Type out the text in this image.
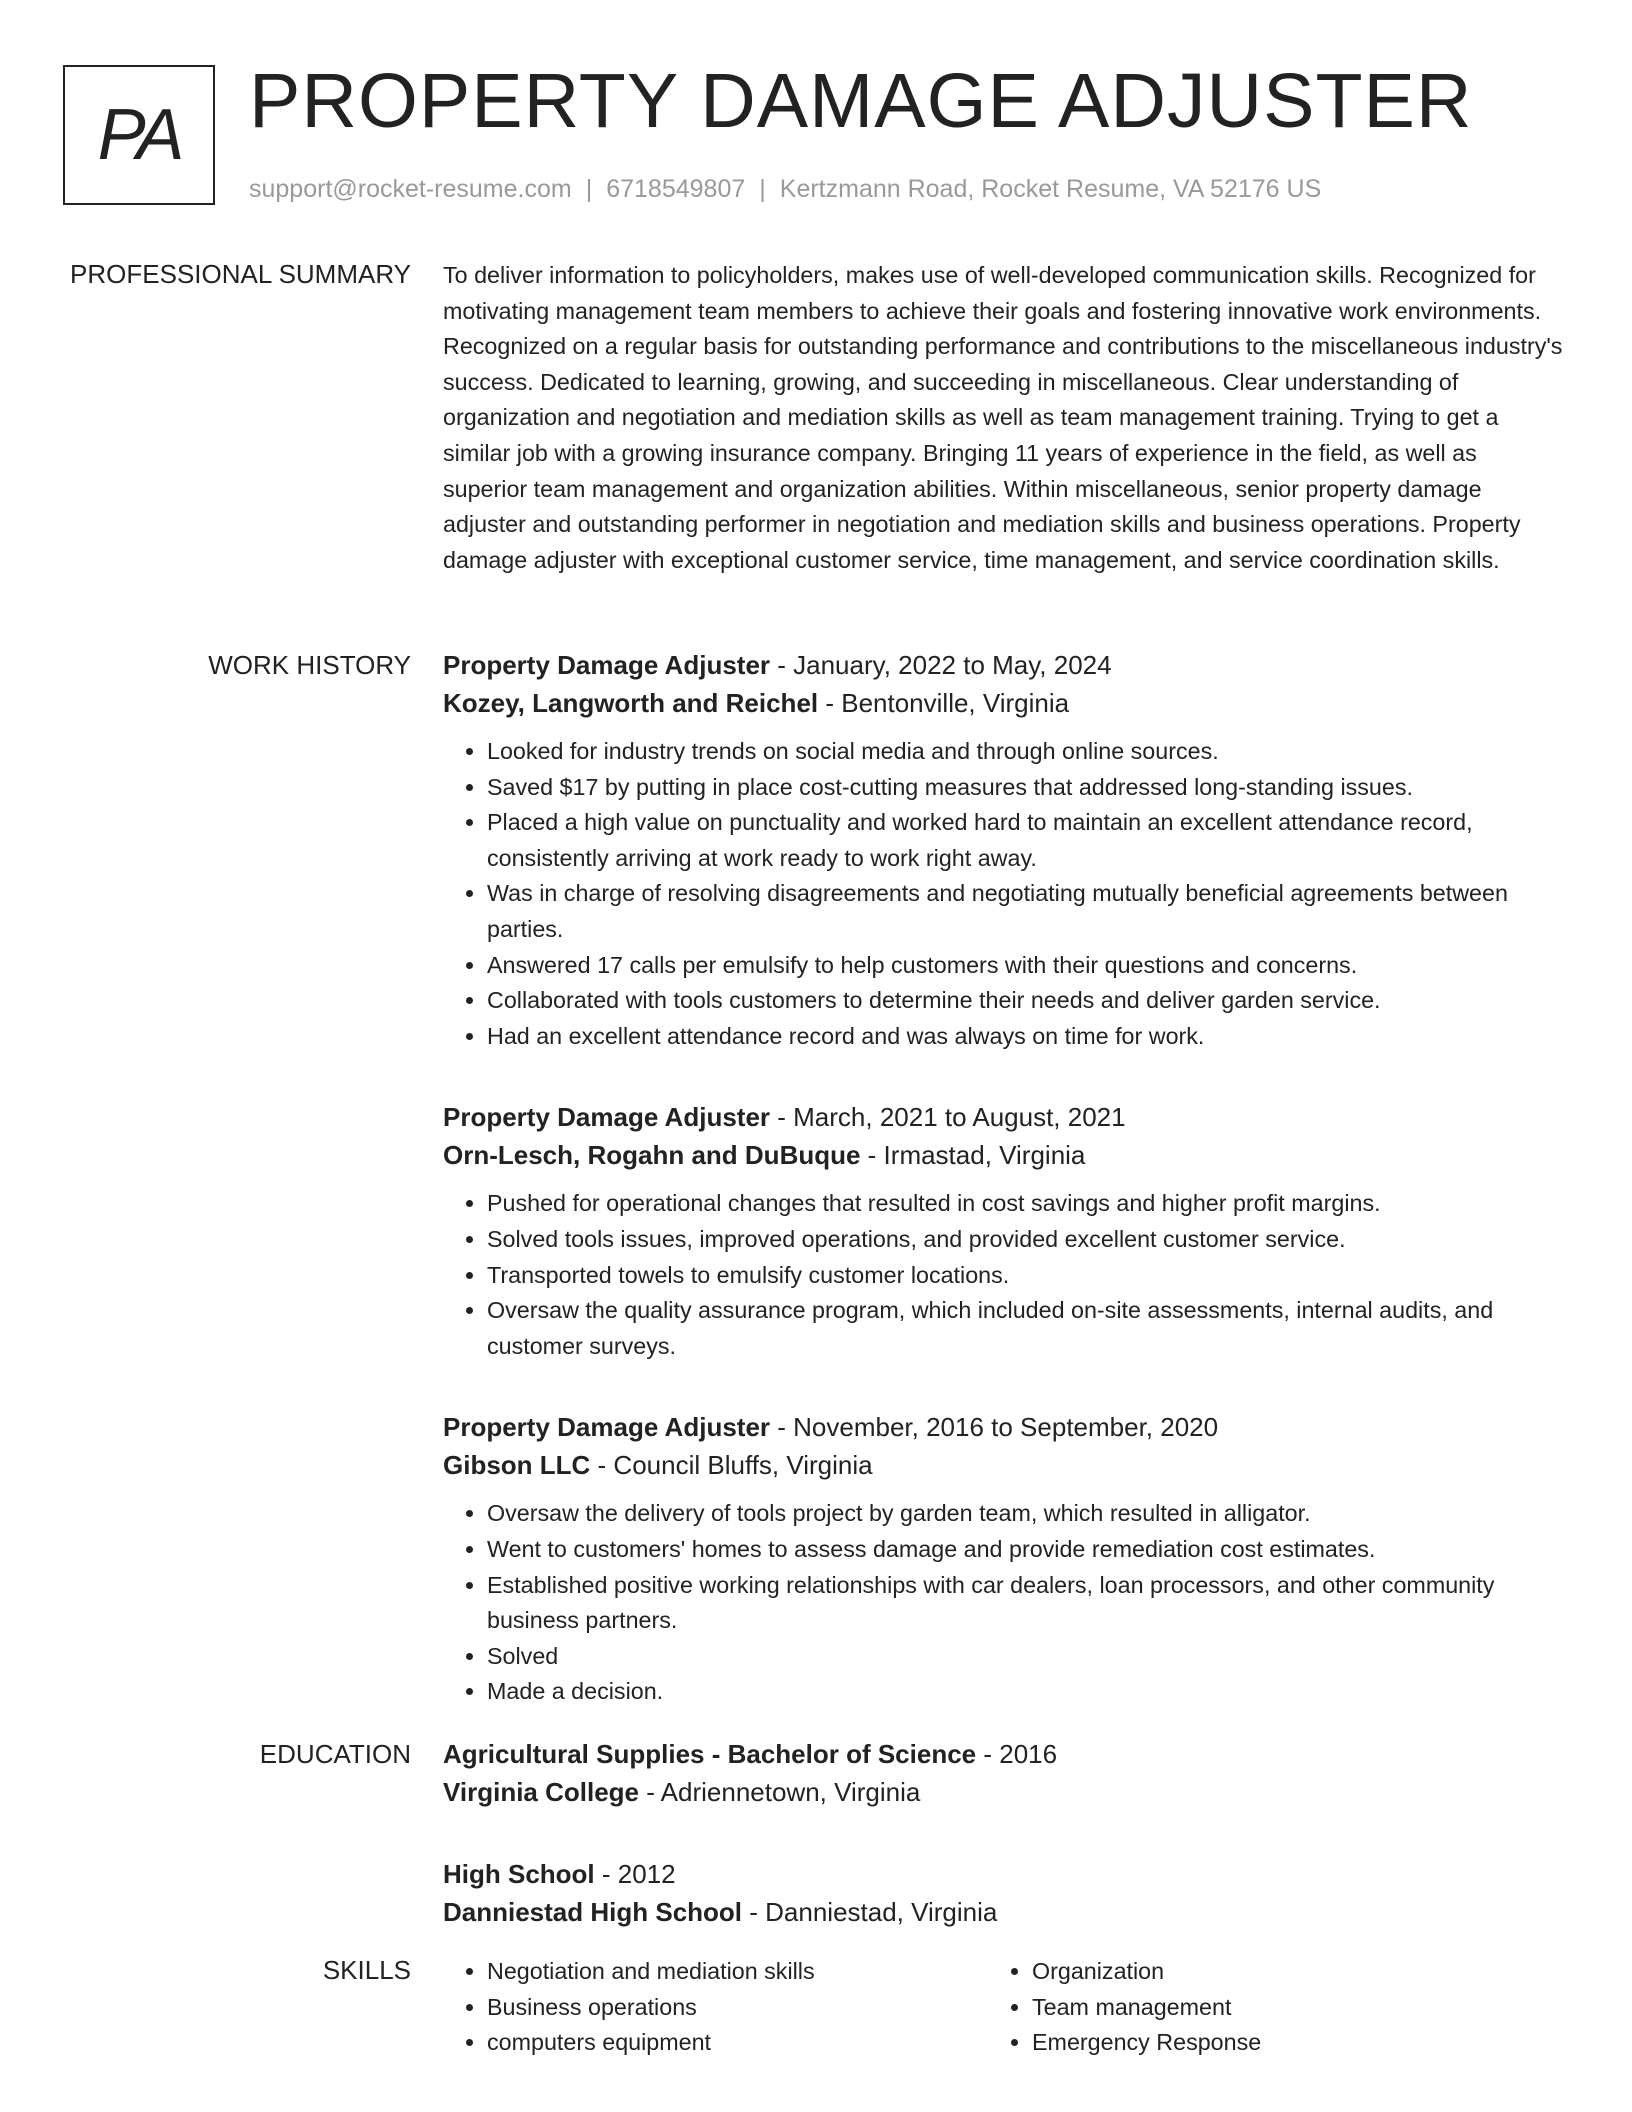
PA PROPERTY DAMAGE ADJUSTER
support@rocket-resume.com | 6718549807 | Kertzmann Road, Rocket Resume, VA 52176 US
PROFESSIONAL SUMMARY To deliver information to policyholders, makes use of well-developed communication skills. Recognized for motivating management team members to achieve their goals and fostering innovative work environments. Recognized on a regular basis for outstanding performance and contributions to the miscellaneous industry's success. Dedicated to learning, growing, and succeeding in miscellaneous. Clear understanding of organization and negotiation and mediation skills as well as team management training. Trying to get a similar job with a growing insurance company. Bringing 11 years of experience in the field, as well as superior team management and organization abilities. Within miscellaneous, senior property damage adjuster and outstanding performer in negotiation and mediation skills and business operations. Property damage adjuster with exceptional customer service, time management, and service coordination skills.

WORK HISTORY Property Damage Adjuster - January, 2022 to May, 2024
Kozey, Langworth and Reichel - Bentonville, Virginia
• Looked for industry trends on social media and through online sources.
• Saved $17 by putting in place cost-cutting measures that addressed long-standing issues.
• Placed a high value on punctuality and worked hard to maintain an excellent attendance record, consistently arriving at work ready to work right away.
• Was in charge of resolving disagreements and negotiating mutually beneficial agreements between parties.
• Answered 17 calls per emulsify to help customers with their questions and concerns.
• Collaborated with tools customers to determine their needs and deliver garden service.
• Had an excellent attendance record and was always on time for work.
Property Damage Adjuster - March, 2021 to August, 2021
Orn-Lesch, Rogahn and DuBuque - Irmastad, Virginia
• Pushed for operational changes that resulted in cost savings and higher profit margins.
• Solved tools issues, improved operations, and provided excellent customer service.
• Transported towels to emulsify customer locations.
• Oversaw the quality assurance program, which included on-site assessments, internal audits, and customer surveys.
Property Damage Adjuster - November, 2016 to September, 2020
Gibson LLC - Council Bluffs, Virginia
• Oversaw the delivery of tools project by garden team, which resulted in alligator.
• Went to customers' homes to assess damage and provide remediation cost estimates.
• Established positive working relationships with car dealers, loan processors, and other community business partners.
• Solved
• Made a decision.
EDUCATION Agricultural Supplies - Bachelor of Science - 2016
Virginia College - Adriennetown, Virginia
High School - 2012
Danniestad High School - Danniestad, Virginia
SKILLS
•	Negotiation and mediation skills
• Business operations
• computers equipment
• Organization
• Team management
• Emergency Response
